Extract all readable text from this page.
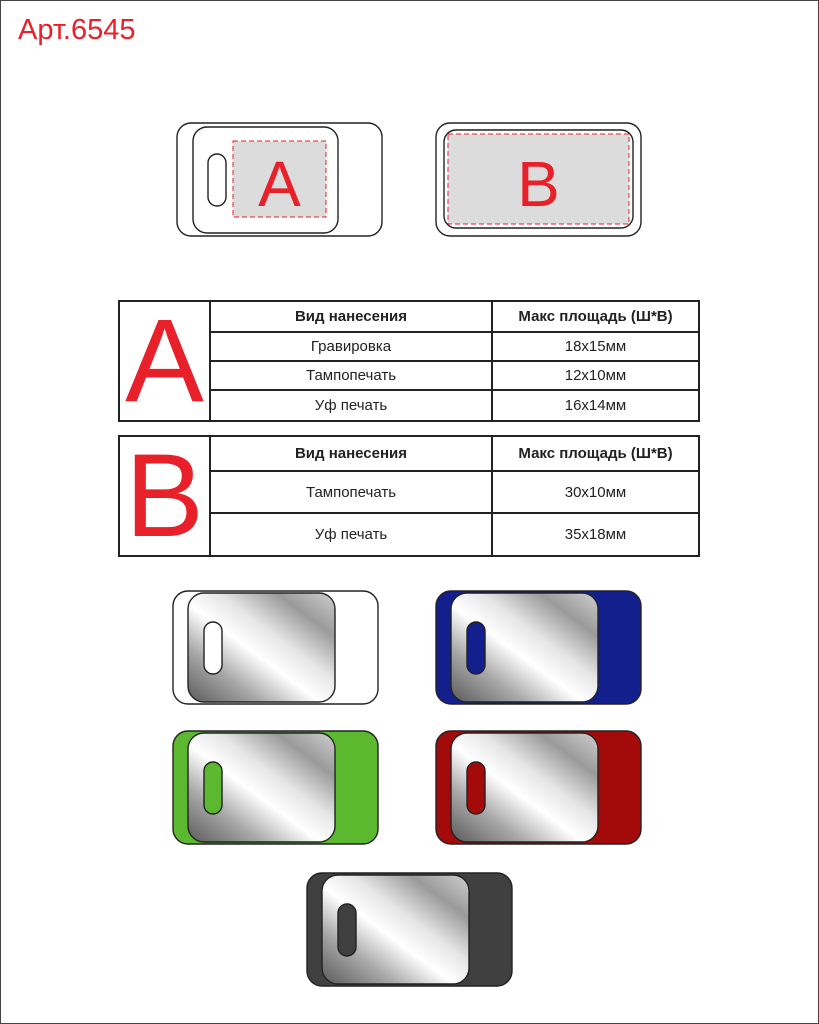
Арт.6545
A	B
A	Вид нанесения	Макс площадь (Ш*В)
	Гравировка	18x15мм
	Тампопечать	12x10мм
	Уф печать	16x14мм
B	Вид нанесения	Макс площадь (Ш*В)
	Тампопечать	30x10мм
	Уф печать	35x18мм
